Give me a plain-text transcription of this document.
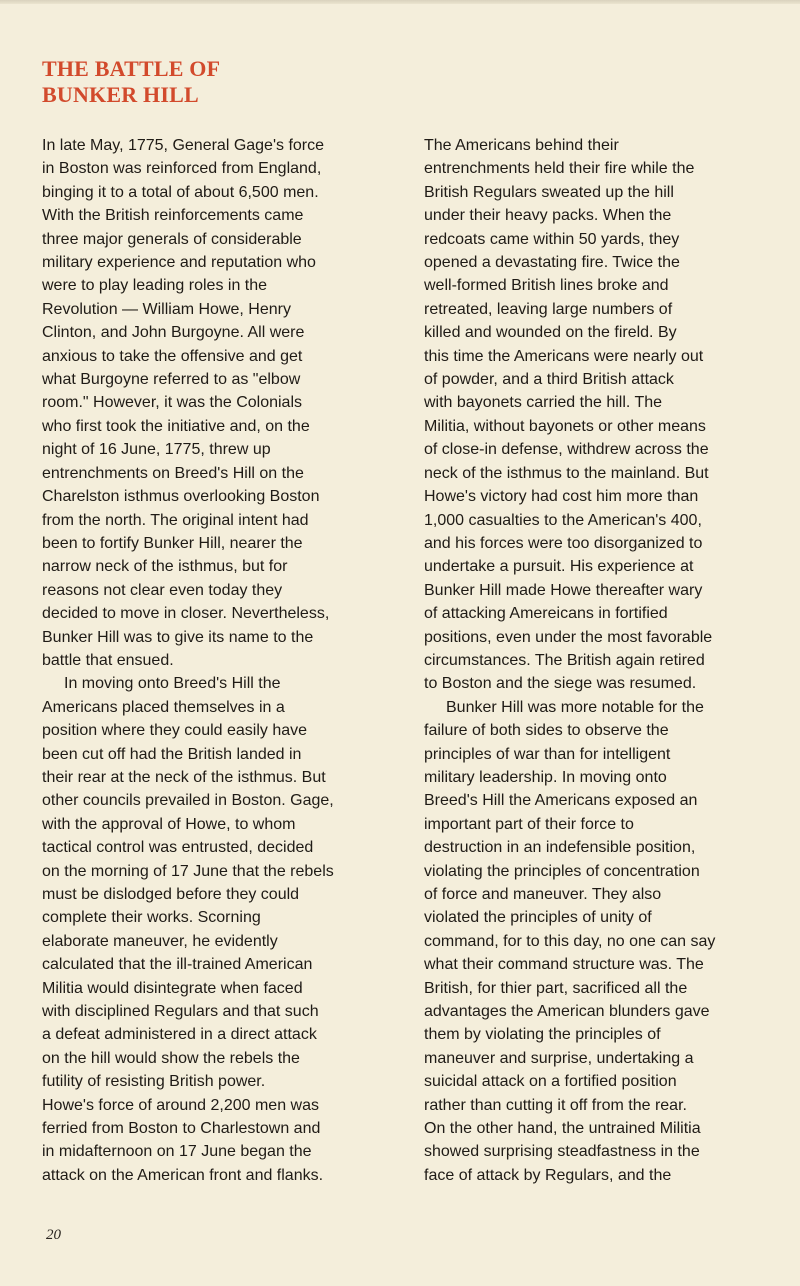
THE BATTLE OF
BUNKER HILL
In late May, 1775, General Gage's force
in Boston was reinforced from England,
binging it to a total of about 6,500 men.
With the British reinforcements came
three major generals of considerable
military experience and reputation who
were to play leading roles in the
Revolution — William Howe, Henry
Clinton, and John Burgoyne. All were
anxious to take the offensive and get
what Burgoyne referred to as "elbow
room." However, it was the Colonials
who first took the initiative and, on the
night of 16 June, 1775, threw up
entrenchments on Breed's Hill on the
Charelston isthmus overlooking Boston
from the north. The original intent had
been to fortify Bunker Hill, nearer the
narrow neck of the isthmus, but for
reasons not clear even today they
decided to move in closer. Nevertheless,
Bunker Hill was to give its name to the
battle that ensued.
In moving onto Breed's Hill the
Americans placed themselves in a
position where they could easily have
been cut off had the British landed in
their rear at the neck of the isthmus. But
other councils prevailed in Boston. Gage,
with the approval of Howe, to whom
tactical control was entrusted, decided
on the morning of 17 June that the rebels
must be dislodged before they could
complete their works. Scorning
elaborate maneuver, he evidently
calculated that the ill-trained American
Militia would disintegrate when faced
with disciplined Regulars and that such
a defeat administered in a direct attack
on the hill would show the rebels the
futility of resisting British power.
Howe's force of around 2,200 men was
ferried from Boston to Charlestown and
in midafternoon on 17 June began the
attack on the American front and flanks.
The Americans behind their
entrenchments held their fire while the
British Regulars sweated up the hill
under their heavy packs. When the
redcoats came within 50 yards, they
opened a devastating fire. Twice the
well-formed British lines broke and
retreated, leaving large numbers of
killed and wounded on the fireld. By
this time the Americans were nearly out
of powder, and a third British attack
with bayonets carried the hill. The
Militia, without bayonets or other means
of close-in defense, withdrew across the
neck of the isthmus to the mainland. But
Howe's victory had cost him more than
1,000 casualties to the American's 400,
and his forces were too disorganized to
undertake a pursuit. His experience at
Bunker Hill made Howe thereafter wary
of attacking Amereicans in fortified
positions, even under the most favorable
circumstances. The British again retired
to Boston and the siege was resumed.
Bunker Hill was more notable for the
failure of both sides to observe the
principles of war than for intelligent
military leadership. In moving onto
Breed's Hill the Americans exposed an
important part of their force to
destruction in an indefensible position,
violating the principles of concentration
of force and maneuver. They also
violated the principles of unity of
command, for to this day, no one can say
what their command structure was. The
British, for thier part, sacrificed all the
advantages the American blunders gave
them by violating the principles of
maneuver and surprise, undertaking a
suicidal attack on a fortified position
rather than cutting it off from the rear.
On the other hand, the untrained Militia
showed surprising steadfastness in the
face of attack by Regulars, and the
20
